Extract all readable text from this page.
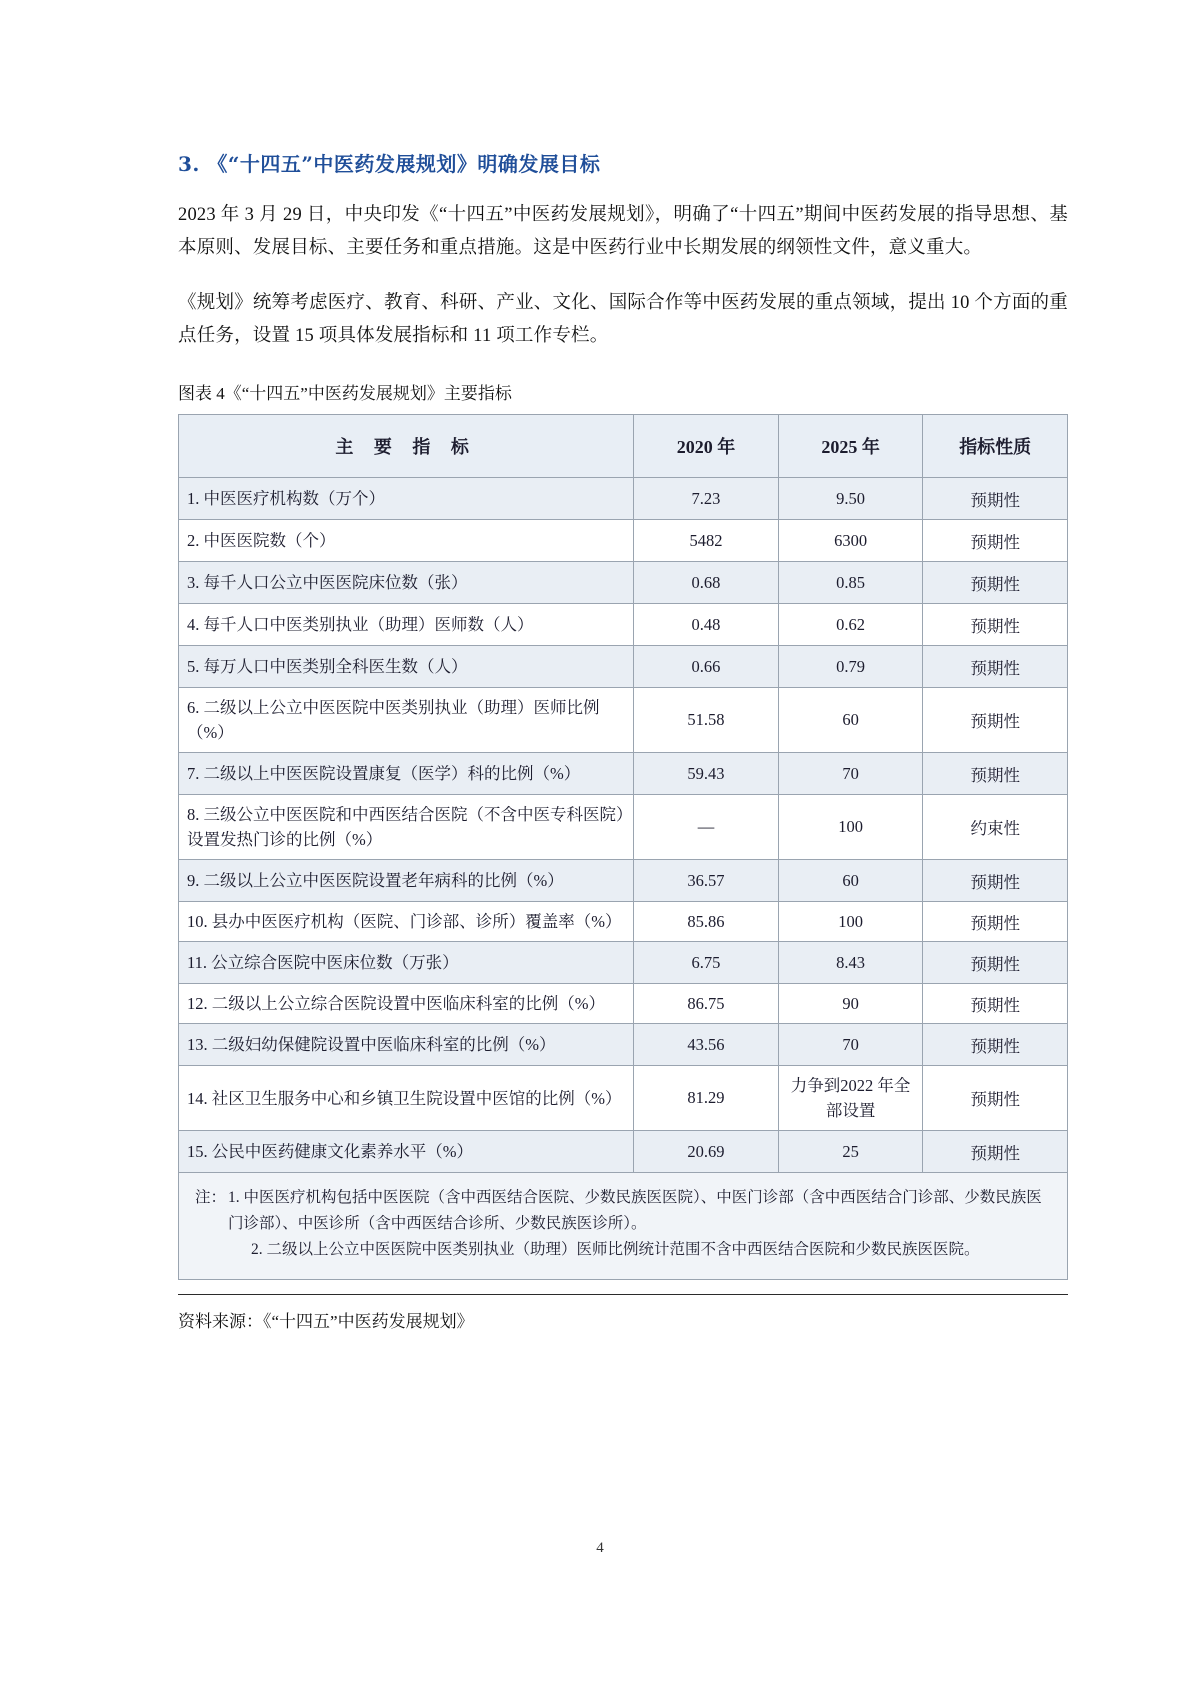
3. 《“十四五”中医药发展规划》明确发展目标

2023 年 3 月 29 日，中央印发《“十四五”中医药发展规划》，明确了“十四五”期间中医药发展的指导思想、基本原则、发展目标、主要任务和重点措施。这是中医药行业中长期发展的纲领性文件，意义重大。

《规划》统筹考虑医疗、教育、科研、产业、文化、国际合作等中医药发展的重点领域，提出 10 个方面的重点任务，设置 15 项具体发展指标和 11 项工作专栏。

图表 4《“十四五”中医药发展规划》主要指标
主 要 指 标	2020 年	2025 年	指标性质
1. 中医医疗机构数（万个）	7.23	9.50	预期性
2. 中医医院数（个）	5482	6300	预期性
3. 每千人口公立中医医院床位数（张）	0.68	0.85	预期性
4. 每千人口中医类别执业（助理）医师数（人）	0.48	0.62	预期性
5. 每万人口中医类别全科医生数（人）	0.66	0.79	预期性
6. 二级以上公立中医医院中医类别执业（助理）医师比例（%）	51.58	60	预期性
7. 二级以上中医医院设置康复（医学）科的比例（%）	59.43	70	预期性
8. 三级公立中医医院和中西医结合医院（不含中医专科医院）设置发热门诊的比例（%）	—	100	约束性
9. 二级以上公立中医医院设置老年病科的比例（%）	36.57	60	预期性
10. 县办中医医疗机构（医院、门诊部、诊所）覆盖率（%）	85.86	100	预期性
11. 公立综合医院中医床位数（万张）	6.75	8.43	预期性
12. 二级以上公立综合医院设置中医临床科室的比例（%）	86.75	90	预期性
13. 二级妇幼保健院设置中医临床科室的比例（%）	43.56	70	预期性
14. 社区卫生服务中心和乡镇卫生院设置中医馆的比例（%）	81.29	力争到2022 年全部设置	预期性
15. 公民中医药健康文化素养水平（%）	20.69	25	预期性
注： 1. 中医医疗机构包括中医医院（含中西医结合医院、少数民族医医院）、中医门诊部（含中西医结合门诊部、少数民族医门诊部）、中医诊所（含中西医结合诊所、少数民族医诊所）。
2. 二级以上公立中医医院中医类别执业（助理）医师比例统计范围不含中西医结合医院和少数民族医医院。
资料来源：《“十四五”中医药发展规划》
4
